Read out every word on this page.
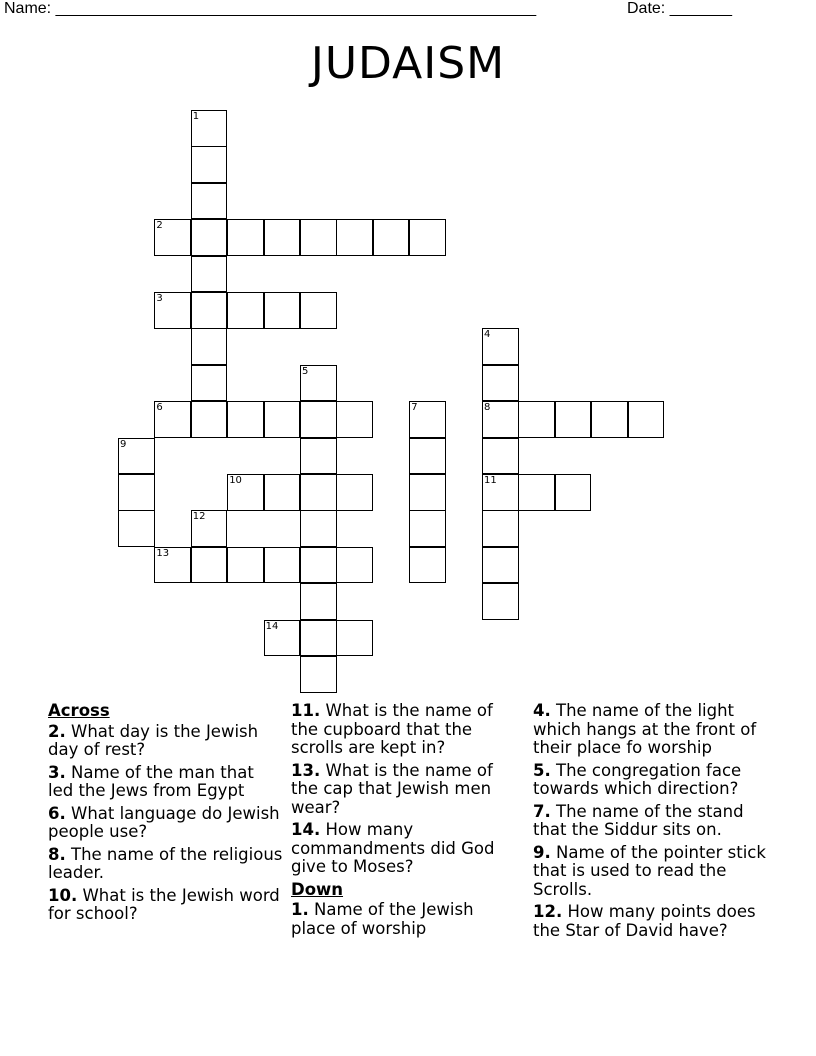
Name: ______________________________________________________	Date: _______
JUDAISM
1
12
2
3
4
8
11
5
6	7
9
10
13
14
Across
2. What day is the Jewish day of rest?
3. Name of the man that led the Jews from Egypt
6. What language do Jewish people use?
8. The name of the religious leader.
10. What is the Jewish word for school?
11. What is the name of the cupboard that the scrolls are kept in?
13. What is the name of the cap that Jewish men wear?
14. How many commandments did God give to Moses?
Down
1. Name of the Jewish place of worship
4. The name of the light which hangs at the front of their place fo worship
5. The congregation face towards which direction?
7. The name of the stand that the Siddur sits on.
9. Name of the pointer stick that is used to read the Scrolls.
12. How many points does the Star of David have?
